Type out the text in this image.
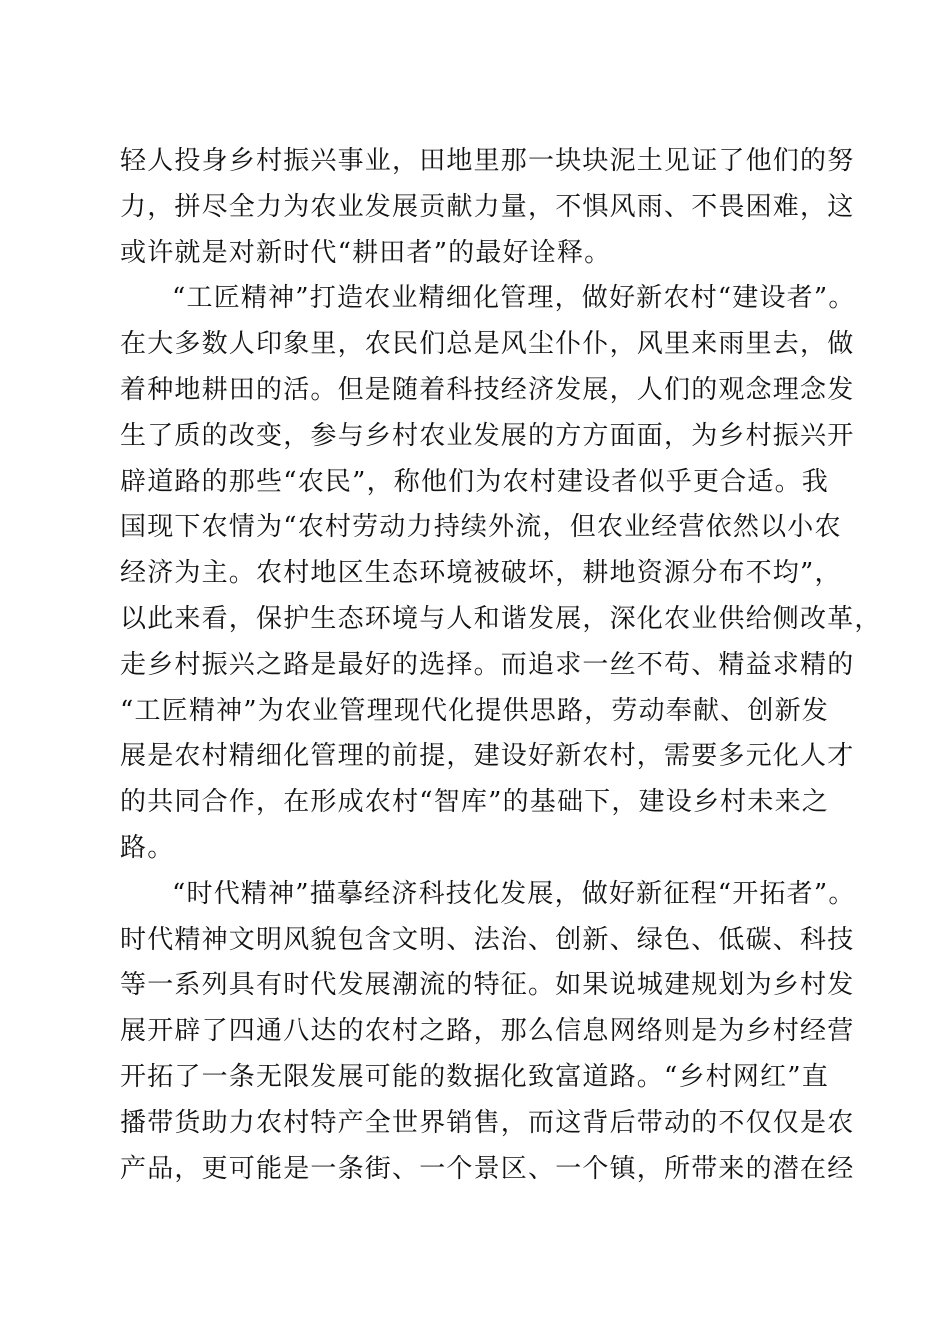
轻人投身乡村振兴事业，田地里那一块块泥土见证了他们的努
力，拼尽全力为农业发展贡献力量，不惧风雨、不畏困难，这
或许就是对新时代“耕田者”的最好诠释。
“工匠精神”打造农业精细化管理，做好新农村“建设者”。
在大多数人印象里，农民们总是风尘仆仆，风里来雨里去，做
着种地耕田的活。但是随着科技经济发展，人们的观念理念发
生了质的改变，参与乡村农业发展的方方面面，为乡村振兴开
辟道路的那些“农民”，称他们为农村建设者似乎更合适。我
国现下农情为“农村劳动力持续外流，但农业经营依然以小农
经济为主。农村地区生态环境被破坏，耕地资源分布不均”，
以此来看，保护生态环境与人和谐发展，深化农业供给侧改革，
走乡村振兴之路是最好的选择。而追求一丝不苟、精益求精的
“工匠精神”为农业管理现代化提供思路，劳动奉献、创新发
展是农村精细化管理的前提，建设好新农村，需要多元化人才
的共同合作，在形成农村“智库”的基础下，建设乡村未来之
路。
“时代精神”描摹经济科技化发展，做好新征程“开拓者”。
时代精神文明风貌包含文明、法治、创新、绿色、低碳、科技
等一系列具有时代发展潮流的特征。如果说城建规划为乡村发
展开辟了四通八达的农村之路，那么信息网络则是为乡村经营
开拓了一条无限发展可能的数据化致富道路。“乡村网红”直
播带货助力农村特产全世界销售，而这背后带动的不仅仅是农
产品，更可能是一条街、一个景区、一个镇，所带来的潜在经
